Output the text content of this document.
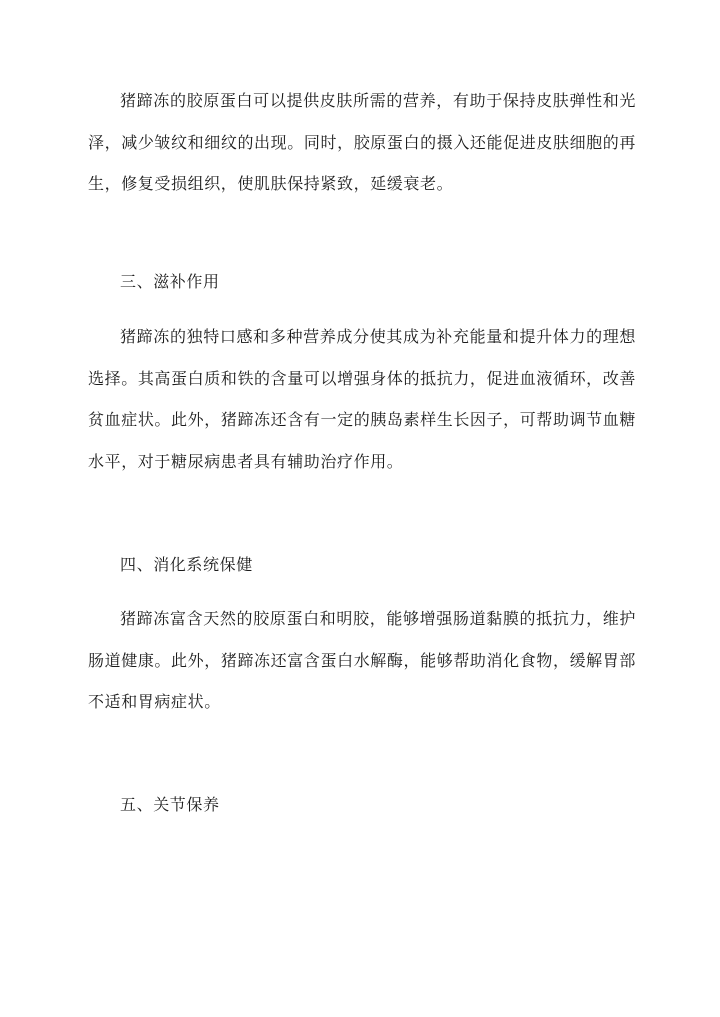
猪蹄冻的胶原蛋白可以提供皮肤所需的营养，有助于保持皮肤弹性和光泽，减少皱纹和细纹的出现。同时，胶原蛋白的摄入还能促进皮肤细胞的再生，修复受损组织，使肌肤保持紧致，延缓衰老。

三、滋补作用

猪蹄冻的独特口感和多种营养成分使其成为补充能量和提升体力的理想选择。其高蛋白质和铁的含量可以增强身体的抵抗力，促进血液循环，改善贫血症状。此外，猪蹄冻还含有一定的胰岛素样生长因子，可帮助调节血糖水平，对于糖尿病患者具有辅助治疗作用。

四、消化系统保健

猪蹄冻富含天然的胶原蛋白和明胶，能够增强肠道黏膜的抵抗力，维护肠道健康。此外，猪蹄冻还富含蛋白水解酶，能够帮助消化食物，缓解胃部不适和胃病症状。

五、关节保养
